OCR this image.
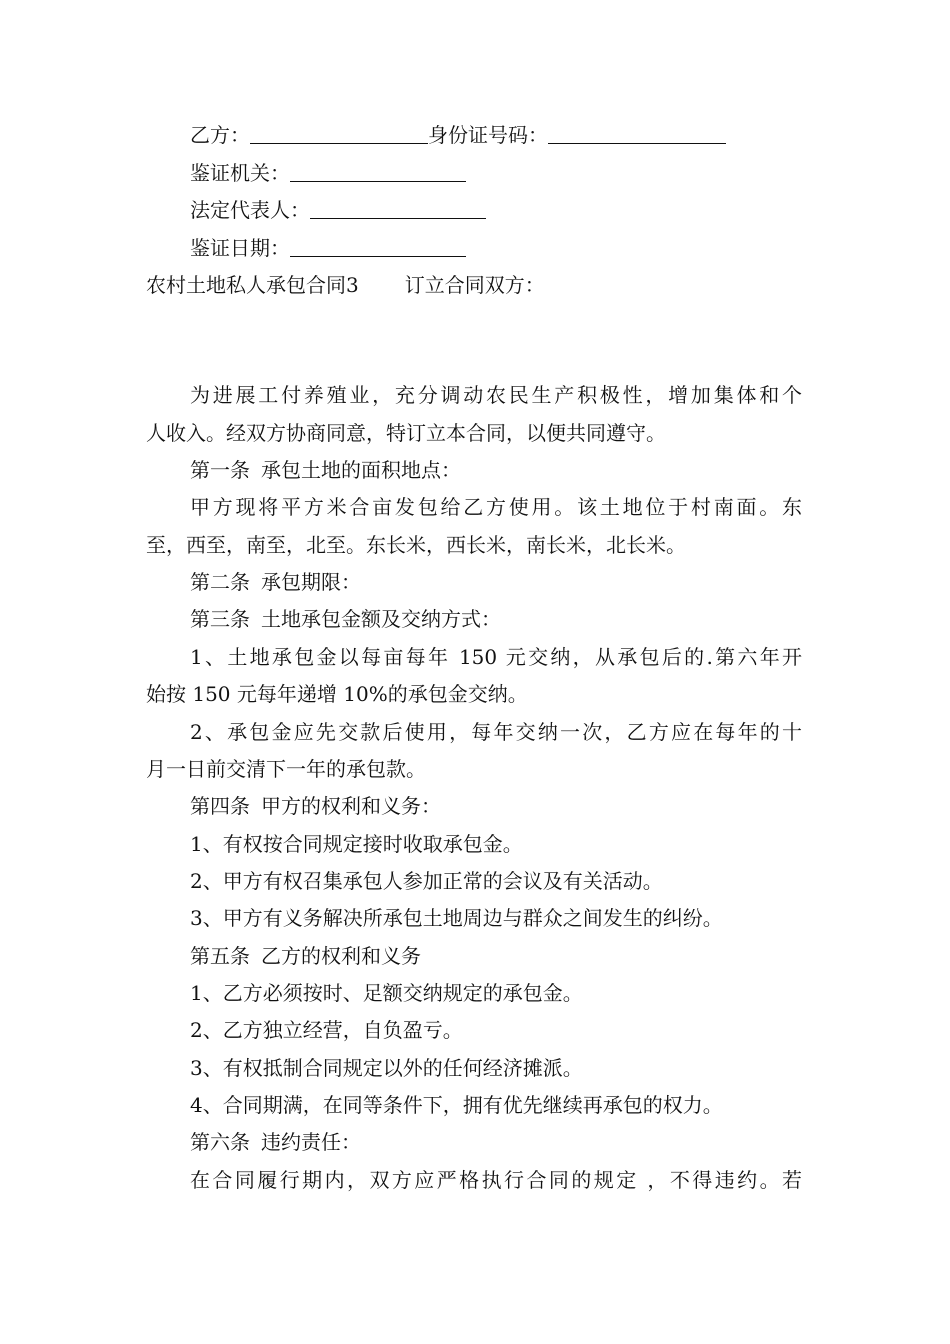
乙方：	身份证号码：
鉴证机关：
法定代表人：
鉴证日期：
农村土地私人承包合同3 订立合同双方：
为进展工付养殖业，充分调动农民生产积极性，增加集体和个
人收入。经双方协商同意，特订立本合同，以便共同遵守。
第一条 承包土地的面积地点：
甲方现将平方米合亩发包给乙方使用。该土地位于村南面。东
至，西至，南至，北至。东长米，西长米，南长米，北长米。
第二条 承包期限：
第三条 土地承包金额及交纳方式：
1、土地承包金以每亩每年 150 元交纳，从承包后的.第六年开
始按 150 元每年递增 10%的承包金交纳。
2、承包金应先交款后使用，每年交纳一次，乙方应在每年的十
月一日前交清下一年的承包款。
第四条 甲方的权利和义务：
1、有权按合同规定接时收取承包金。
2、甲方有权召集承包人参加正常的会议及有关活动。
3、甲方有义务解决所承包土地周边与群众之间发生的纠纷。
第五条 乙方的权利和义务
1、乙方必须按时、足额交纳规定的承包金。
2、乙方独立经营，自负盈亏。
3、有权抵制合同规定以外的任何经济摊派。
4、合同期满，在同等条件下，拥有优先继续再承包的权力。
第六条 违约责任：
在合同履行期内，双方应严格执行合同的规定 ，不得违约。若
